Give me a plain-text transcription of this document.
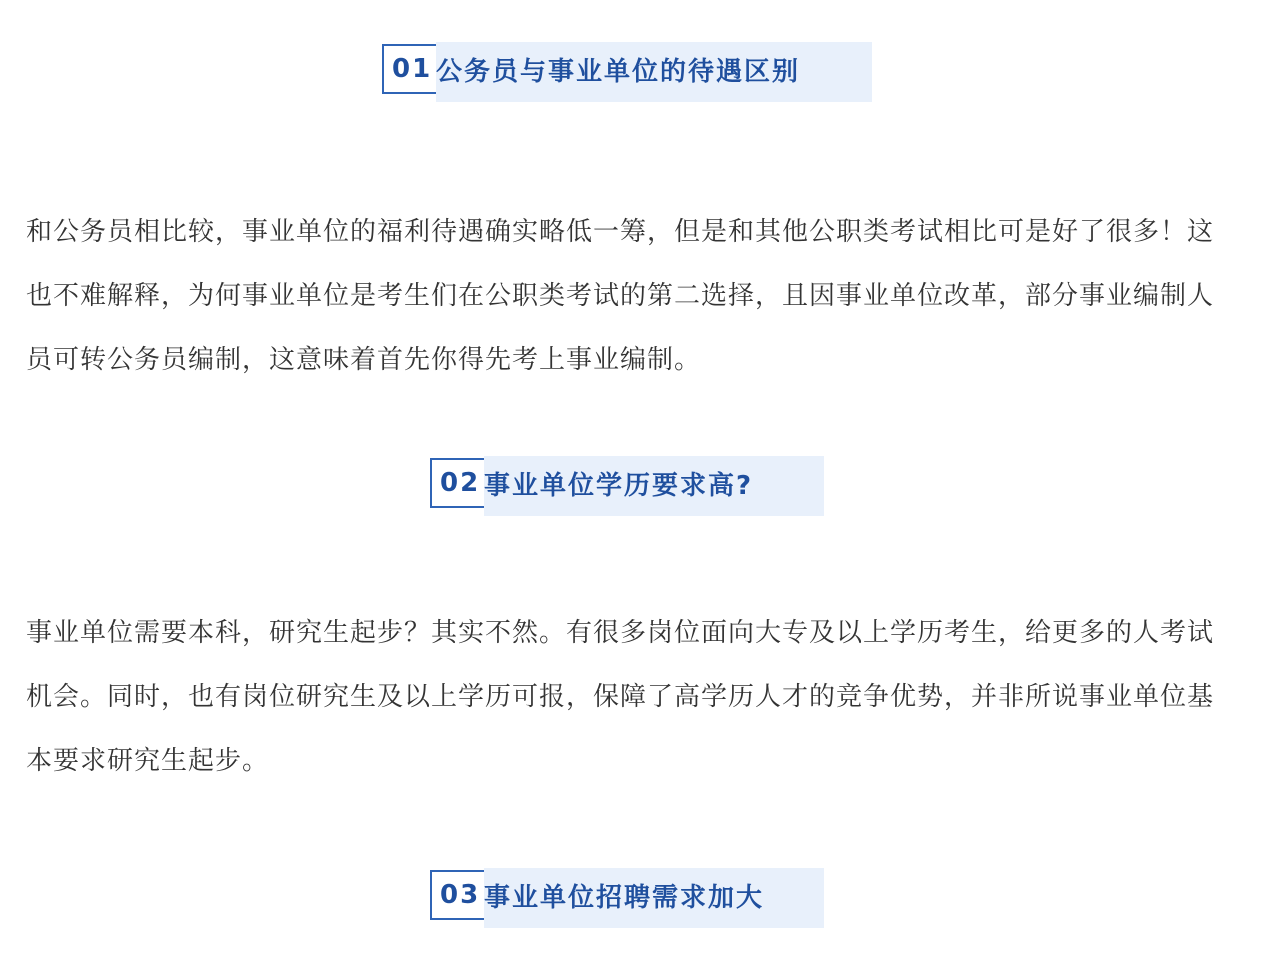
01 公务员与事业单位的待遇区别

和公务员相比较，事业单位的福利待遇确实略低一筹，但是和其他公职类考试相比可是好了很多！这也不难解释，为何事业单位是考生们在公职类考试的第二选择，且因事业单位改革，部分事业编制人员可转公务员编制，这意味着首先你得先考上事业编制。

02 事业单位学历要求高?

事业单位需要本科，研究生起步？其实不然。有很多岗位面向大专及以上学历考生，给更多的人考试机会。同时，也有岗位研究生及以上学历可报，保障了高学历人才的竞争优势，并非所说事业单位基本要求研究生起步。

03 事业单位招聘需求加大
